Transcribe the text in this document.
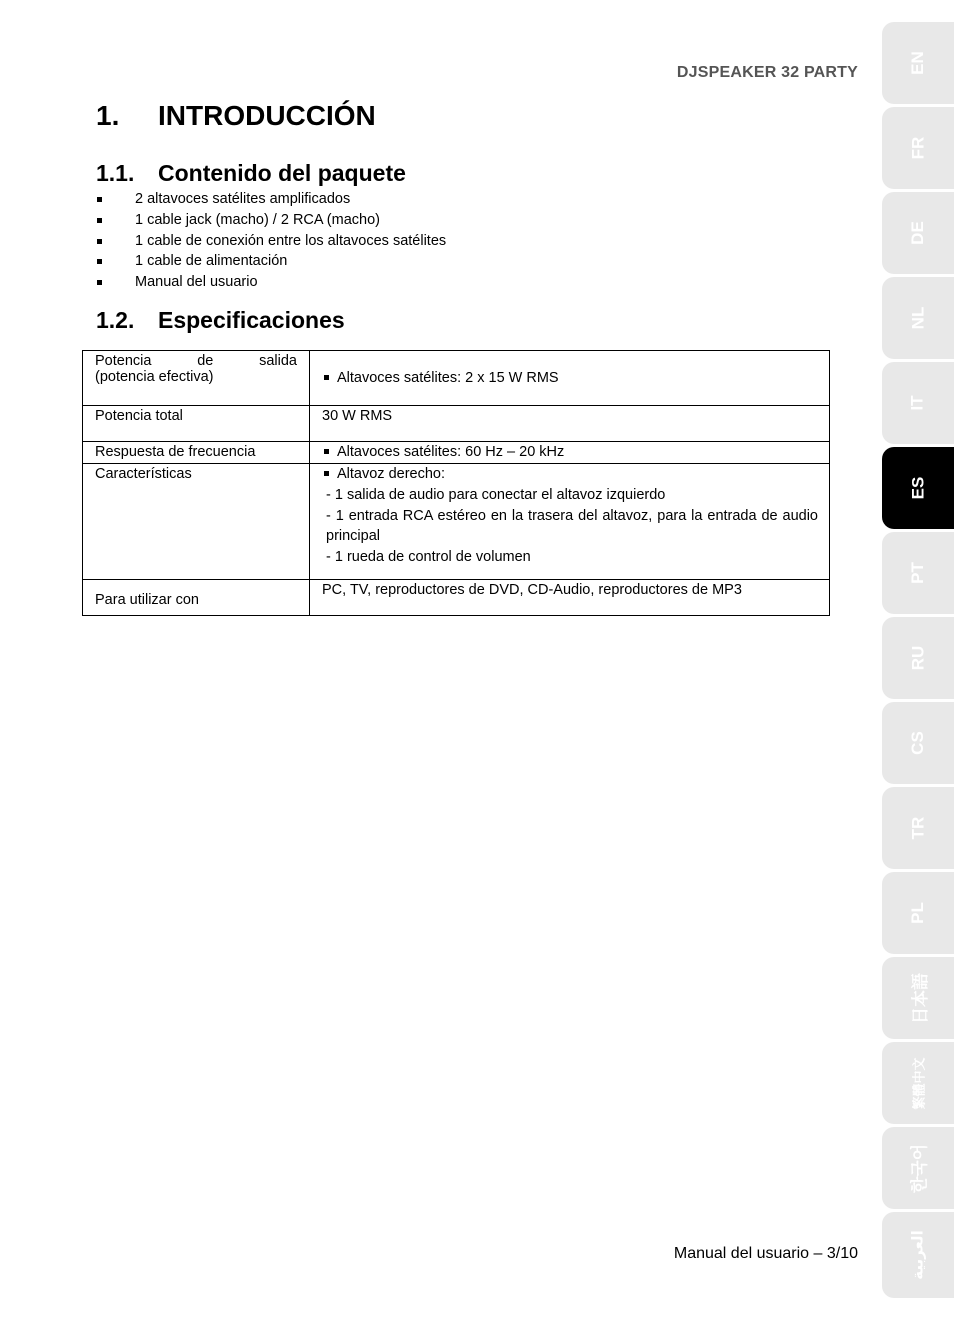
DJSPEAKER 32 PARTY
1. INTRODUCCIÓN
1.1. Contenido del paquete
2 altavoces satélites amplificados
1 cable jack (macho) / 2 RCA (macho)
1 cable de conexión entre los altavoces satélites
1 cable de alimentación
Manual del usuario
1.2. Especificaciones
Potencia de salida
(potencia efectiva)	Altavoces satélites: 2 x 15 W RMS
Potencia total	30 W RMS
Respuesta de frecuencia	Altavoces satélites: 60 Hz – 20 kHz
Características	Altavoz derecho:
- 1 salida de audio para conectar el altavoz izquierdo
- 1 entrada RCA estéreo en la trasera del altavoz, para la entrada de audio
principal
- 1 rueda de control de volumen

Para utilizar con	PC, TV, reproductores de DVD, CD-Audio, reproductores de MP3
EN
FR
DE
NL
IT
ES
PT
RU
CS
TR
PL
日本語
繁體中文
한국어
العربية
Manual del usuario – 3/10
